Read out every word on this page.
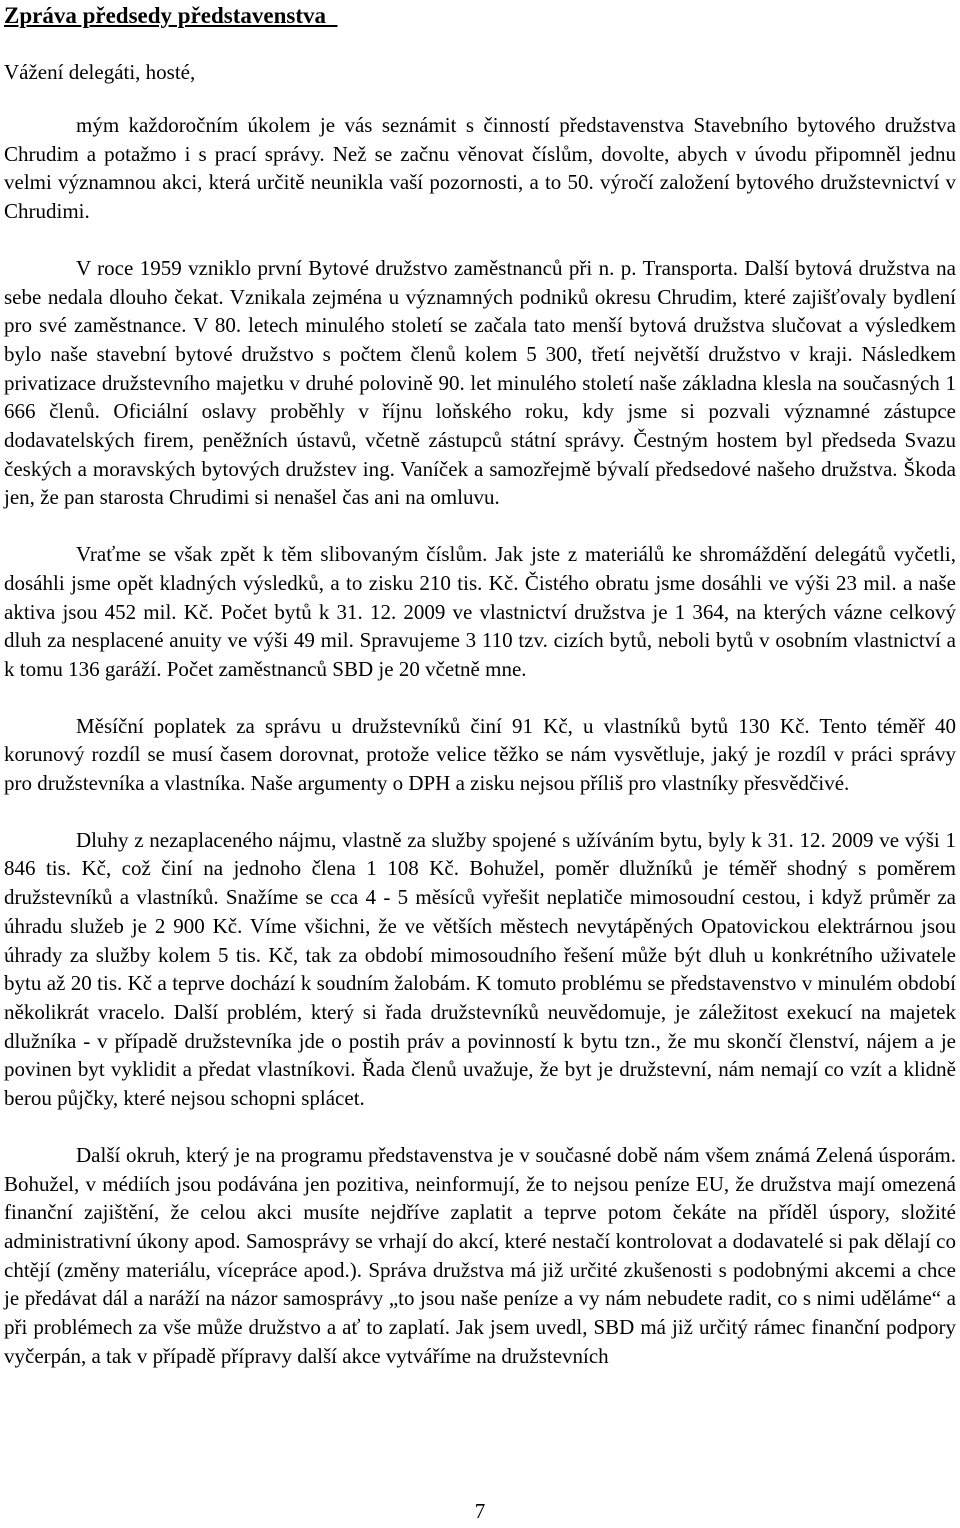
Zpráva předsedy představenstva

Vážení delegáti, hosté,

mým každoročním úkolem je vás seznámit s činností představenstva Stavebního bytového družstva Chrudim a potažmo i s prací správy. Než se začnu věnovat číslům, dovolte, abych v úvodu připomněl jednu velmi významnou akci, která určitě neunikla vaší pozornosti, a to 50. výročí založení bytového družstevnictví v Chrudimi.

V roce 1959 vzniklo první Bytové družstvo zaměstnanců při n. p. Transporta. Další bytová družstva na sebe nedala dlouho čekat. Vznikala zejména u významných podniků okresu Chrudim, které zajišťovaly bydlení pro své zaměstnance. V 80. letech minulého století se začala tato menší bytová družstva slučovat a výsledkem bylo naše stavební bytové družstvo s počtem členů kolem 5 300, třetí největší družstvo v kraji. Následkem privatizace družstevního majetku v druhé polovině 90. let minulého století naše základna klesla na současných 1 666 členů. Oficiální oslavy proběhly v říjnu loňského roku, kdy jsme si pozvali významné zástupce dodavatelských firem, peněžních ústavů, včetně zástupců státní správy. Čestným hostem byl předseda Svazu českých a moravských bytových družstev ing. Vaníček a samozřejmě bývalí předsedové našeho družstva. Škoda jen, že pan starosta Chrudimi si nenašel čas ani na omluvu.

Vraťme se však zpět k těm slibovaným číslům. Jak jste z materiálů ke shromáždění delegátů vyčetli, dosáhli jsme opět kladných výsledků, a to zisku 210 tis. Kč. Čistého obratu jsme dosáhli ve výši 23 mil. a naše aktiva jsou 452 mil. Kč. Počet bytů k 31. 12. 2009 ve vlastnictví družstva je 1 364, na kterých vázne celkový dluh za nesplacené anuity ve výši 49 mil. Spravujeme 3 110 tzv. cizích bytů, neboli bytů v osobním vlastnictví a k tomu 136 garáží. Počet zaměstnanců SBD je 20 včetně mne.

Měsíční poplatek za správu u družstevníků činí 91 Kč, u vlastníků bytů 130 Kč. Tento téměř 40 korunový rozdíl se musí časem dorovnat, protože velice těžko se nám vysvětluje, jaký je rozdíl v práci správy pro družstevníka a vlastníka. Naše argumenty o DPH a zisku nejsou příliš pro vlastníky přesvědčivé.

Dluhy z nezaplaceného nájmu, vlastně za služby spojené s užíváním bytu, byly k 31. 12. 2009 ve výši 1 846 tis. Kč, což činí na jednoho člena 1 108 Kč. Bohužel, poměr dlužníků je téměř shodný s poměrem družstevníků a vlastníků. Snažíme se cca 4 - 5 měsíců vyřešit neplatiče mimosoudní cestou, i když průměr za úhradu služeb je 2 900 Kč. Víme všichni, že ve větších městech nevytápěných Opatovickou elektrárnou jsou úhrady za služby kolem 5 tis. Kč, tak za období mimosoudního řešení může být dluh u konkrétního uživatele bytu až 20 tis. Kč a teprve dochází k soudním žalobám. K tomuto problému se představenstvo v minulém období několikrát vracelo. Další problém, který si řada družstevníků neuvědomuje, je záležitost exekucí na majetek dlužníka - v případě družstevníka jde o postih práv a povinností k bytu tzn., že mu skončí členství, nájem a je povinen byt vyklidit a předat vlastníkovi. Řada členů uvažuje, že byt je družstevní, nám nemají co vzít a klidně berou půjčky, které nejsou schopni splácet.

Další okruh, který je na programu představenstva je v současné době nám všem známá Zelená úsporám. Bohužel, v médiích jsou podávána jen pozitiva, neinformují, že to nejsou peníze EU, že družstva mají omezená finanční zajištění, že celou akci musíte nejdříve zaplatit a teprve potom čekáte na příděl úspory, složité administrativní úkony apod. Samosprávy se vrhají do akcí, které nestačí kontrolovat a dodavatelé si pak dělají co chtějí (změny materiálu, vícepráce apod.). Správa družstva má již určité zkušenosti s podobnými akcemi a chce je předávat dál a naráží na názor samosprávy „to jsou naše peníze a vy nám nebudete radit, co s nimi uděláme“ a při problémech za vše může družstvo a ať to zaplatí. Jak jsem uvedl, SBD má již určitý rámec finanční podpory vyčerpán, a tak v případě přípravy další akce vytváříme na družstevních

7
